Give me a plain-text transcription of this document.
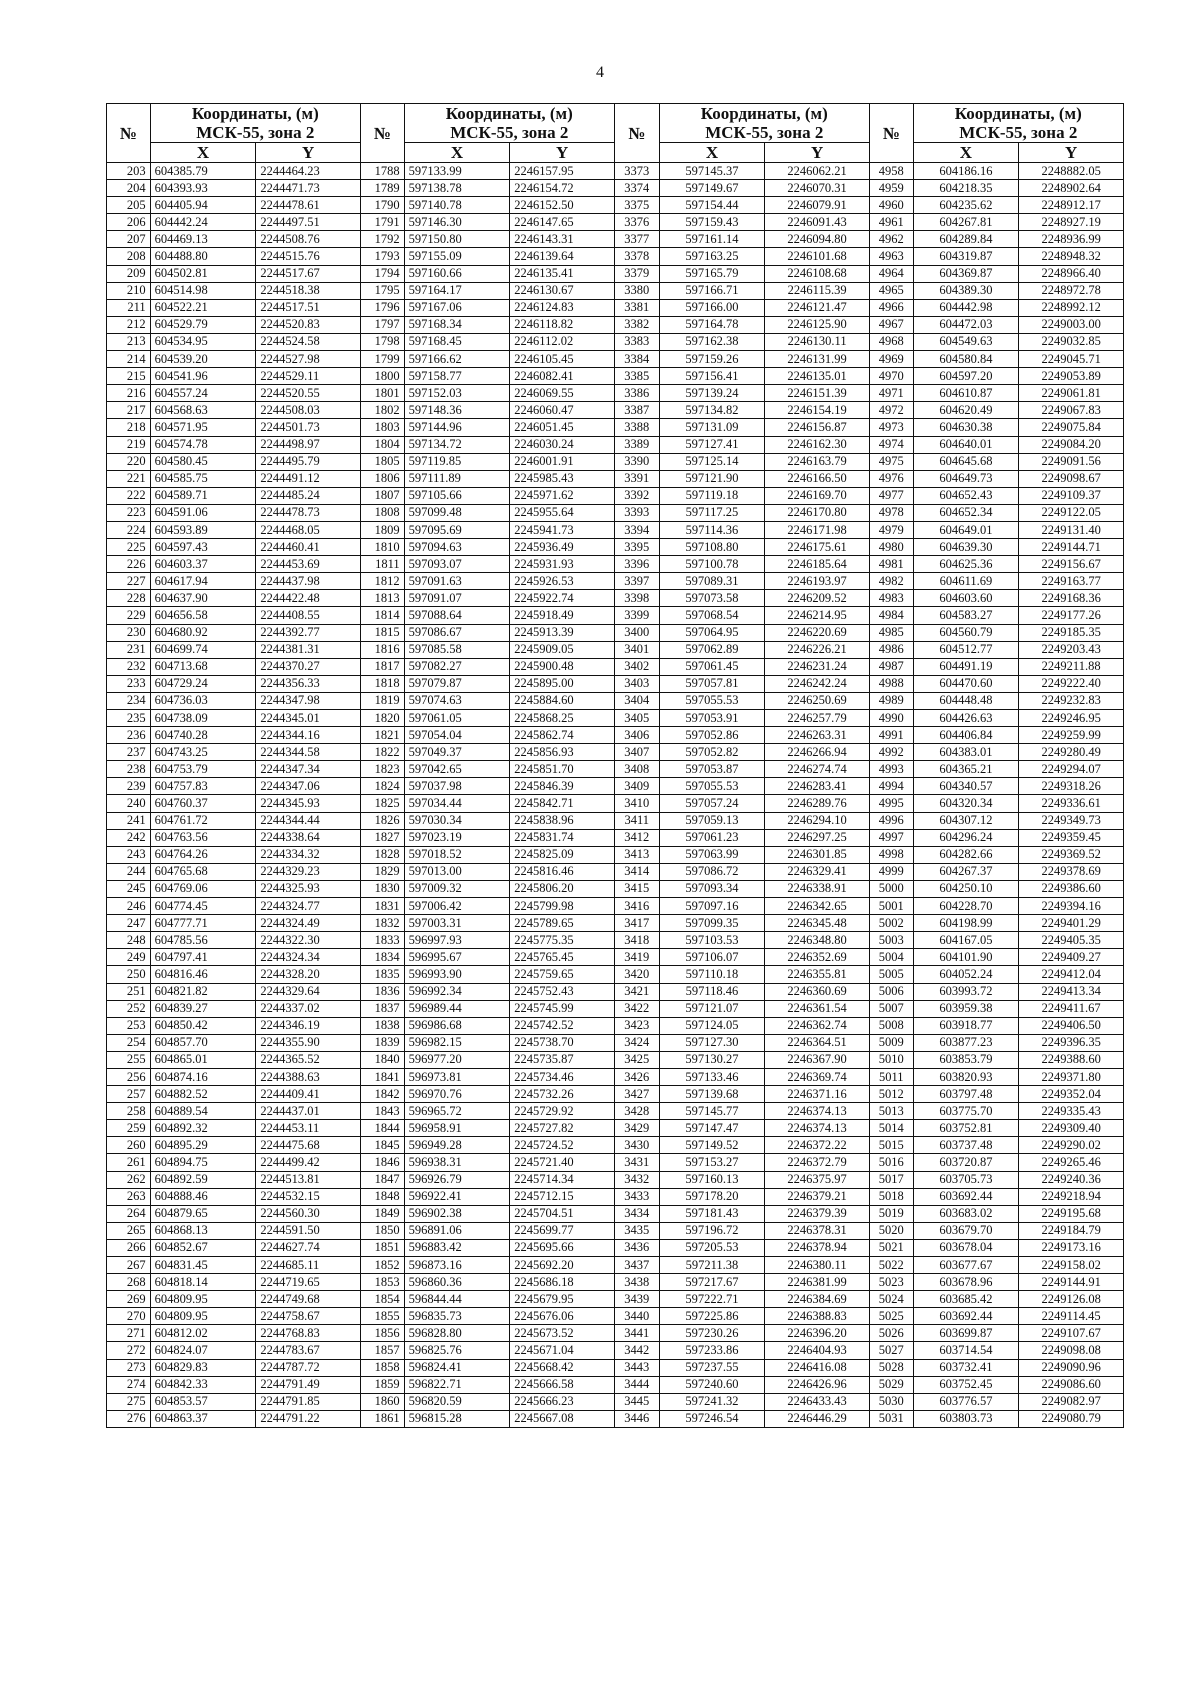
4
№	Координаты, (м)
МСК-55, зона 2		№	Координаты, (м)
МСК-55, зона 2		№	Координаты, (м)
МСК-55, зона 2		№	Координаты, (м)
МСК-55, зона 2	
	X	Y		X	Y		X	Y		X	Y
203	604385.79	2244464.23	1788	597133.99	2246157.95	3373	597145.37	2246062.21	4958	604186.16	2248882.05
204	604393.93	2244471.73	1789	597138.78	2246154.72	3374	597149.67	2246070.31	4959	604218.35	2248902.64
205	604405.94	2244478.61	1790	597140.78	2246152.50	3375	597154.44	2246079.91	4960	604235.62	2248912.17
206	604442.24	2244497.51	1791	597146.30	2246147.65	3376	597159.43	2246091.43	4961	604267.81	2248927.19
207	604469.13	2244508.76	1792	597150.80	2246143.31	3377	597161.14	2246094.80	4962	604289.84	2248936.99
208	604488.80	2244515.76	1793	597155.09	2246139.64	3378	597163.25	2246101.68	4963	604319.87	2248948.32
209	604502.81	2244517.67	1794	597160.66	2246135.41	3379	597165.79	2246108.68	4964	604369.87	2248966.40
210	604514.98	2244518.38	1795	597164.17	2246130.67	3380	597166.71	2246115.39	4965	604389.30	2248972.78
211	604522.21	2244517.51	1796	597167.06	2246124.83	3381	597166.00	2246121.47	4966	604442.98	2248992.12
212	604529.79	2244520.83	1797	597168.34	2246118.82	3382	597164.78	2246125.90	4967	604472.03	2249003.00
213	604534.95	2244524.58	1798	597168.45	2246112.02	3383	597162.38	2246130.11	4968	604549.63	2249032.85
214	604539.20	2244527.98	1799	597166.62	2246105.45	3384	597159.26	2246131.99	4969	604580.84	2249045.71
215	604541.96	2244529.11	1800	597158.77	2246082.41	3385	597156.41	2246135.01	4970	604597.20	2249053.89
216	604557.24	2244520.55	1801	597152.03	2246069.55	3386	597139.24	2246151.39	4971	604610.87	2249061.81
217	604568.63	2244508.03	1802	597148.36	2246060.47	3387	597134.82	2246154.19	4972	604620.49	2249067.83
218	604571.95	2244501.73	1803	597144.96	2246051.45	3388	597131.09	2246156.87	4973	604630.38	2249075.84
219	604574.78	2244498.97	1804	597134.72	2246030.24	3389	597127.41	2246162.30	4974	604640.01	2249084.20
220	604580.45	2244495.79	1805	597119.85	2246001.91	3390	597125.14	2246163.79	4975	604645.68	2249091.56
221	604585.75	2244491.12	1806	597111.89	2245985.43	3391	597121.90	2246166.50	4976	604649.73	2249098.67
222	604589.71	2244485.24	1807	597105.66	2245971.62	3392	597119.18	2246169.70	4977	604652.43	2249109.37
223	604591.06	2244478.73	1808	597099.48	2245955.64	3393	597117.25	2246170.80	4978	604652.34	2249122.05
224	604593.89	2244468.05	1809	597095.69	2245941.73	3394	597114.36	2246171.98	4979	604649.01	2249131.40
225	604597.43	2244460.41	1810	597094.63	2245936.49	3395	597108.80	2246175.61	4980	604639.30	2249144.71
226	604603.37	2244453.69	1811	597093.07	2245931.93	3396	597100.78	2246185.64	4981	604625.36	2249156.67
227	604617.94	2244437.98	1812	597091.63	2245926.53	3397	597089.31	2246193.97	4982	604611.69	2249163.77
228	604637.90	2244422.48	1813	597091.07	2245922.74	3398	597073.58	2246209.52	4983	604603.60	2249168.36
229	604656.58	2244408.55	1814	597088.64	2245918.49	3399	597068.54	2246214.95	4984	604583.27	2249177.26
230	604680.92	2244392.77	1815	597086.67	2245913.39	3400	597064.95	2246220.69	4985	604560.79	2249185.35
231	604699.74	2244381.31	1816	597085.58	2245909.05	3401	597062.89	2246226.21	4986	604512.77	2249203.43
232	604713.68	2244370.27	1817	597082.27	2245900.48	3402	597061.45	2246231.24	4987	604491.19	2249211.88
233	604729.24	2244356.33	1818	597079.87	2245895.00	3403	597057.81	2246242.24	4988	604470.60	2249222.40
234	604736.03	2244347.98	1819	597074.63	2245884.60	3404	597055.53	2246250.69	4989	604448.48	2249232.83
235	604738.09	2244345.01	1820	597061.05	2245868.25	3405	597053.91	2246257.79	4990	604426.63	2249246.95
236	604740.28	2244344.16	1821	597054.04	2245862.74	3406	597052.86	2246263.31	4991	604406.84	2249259.99
237	604743.25	2244344.58	1822	597049.37	2245856.93	3407	597052.82	2246266.94	4992	604383.01	2249280.49
238	604753.79	2244347.34	1823	597042.65	2245851.70	3408	597053.87	2246274.74	4993	604365.21	2249294.07
239	604757.83	2244347.06	1824	597037.98	2245846.39	3409	597055.53	2246283.41	4994	604340.57	2249318.26
240	604760.37	2244345.93	1825	597034.44	2245842.71	3410	597057.24	2246289.76	4995	604320.34	2249336.61
241	604761.72	2244344.44	1826	597030.34	2245838.96	3411	597059.13	2246294.10	4996	604307.12	2249349.73
242	604763.56	2244338.64	1827	597023.19	2245831.74	3412	597061.23	2246297.25	4997	604296.24	2249359.45
243	604764.26	2244334.32	1828	597018.52	2245825.09	3413	597063.99	2246301.85	4998	604282.66	2249369.52
244	604765.68	2244329.23	1829	597013.00	2245816.46	3414	597086.72	2246329.41	4999	604267.37	2249378.69
245	604769.06	2244325.93	1830	597009.32	2245806.20	3415	597093.34	2246338.91	5000	604250.10	2249386.60
246	604774.45	2244324.77	1831	597006.42	2245799.98	3416	597097.16	2246342.65	5001	604228.70	2249394.16
247	604777.71	2244324.49	1832	597003.31	2245789.65	3417	597099.35	2246345.48	5002	604198.99	2249401.29
248	604785.56	2244322.30	1833	596997.93	2245775.35	3418	597103.53	2246348.80	5003	604167.05	2249405.35
249	604797.41	2244324.34	1834	596995.67	2245765.45	3419	597106.07	2246352.69	5004	604101.90	2249409.27
250	604816.46	2244328.20	1835	596993.90	2245759.65	3420	597110.18	2246355.81	5005	604052.24	2249412.04
251	604821.82	2244329.64	1836	596992.34	2245752.43	3421	597118.46	2246360.69	5006	603993.72	2249413.34
252	604839.27	2244337.02	1837	596989.44	2245745.99	3422	597121.07	2246361.54	5007	603959.38	2249411.67
253	604850.42	2244346.19	1838	596986.68	2245742.52	3423	597124.05	2246362.74	5008	603918.77	2249406.50
254	604857.70	2244355.90	1839	596982.15	2245738.70	3424	597127.30	2246364.51	5009	603877.23	2249396.35
255	604865.01	2244365.52	1840	596977.20	2245735.87	3425	597130.27	2246367.90	5010	603853.79	2249388.60
256	604874.16	2244388.63	1841	596973.81	2245734.46	3426	597133.46	2246369.74	5011	603820.93	2249371.80
257	604882.52	2244409.41	1842	596970.76	2245732.26	3427	597139.68	2246371.16	5012	603797.48	2249352.04
258	604889.54	2244437.01	1843	596965.72	2245729.92	3428	597145.77	2246374.13	5013	603775.70	2249335.43
259	604892.32	2244453.11	1844	596958.91	2245727.82	3429	597147.47	2246374.13	5014	603752.81	2249309.40
260	604895.29	2244475.68	1845	596949.28	2245724.52	3430	597149.52	2246372.22	5015	603737.48	2249290.02
261	604894.75	2244499.42	1846	596938.31	2245721.40	3431	597153.27	2246372.79	5016	603720.87	2249265.46
262	604892.59	2244513.81	1847	596926.79	2245714.34	3432	597160.13	2246375.97	5017	603705.73	2249240.36
263	604888.46	2244532.15	1848	596922.41	2245712.15	3433	597178.20	2246379.21	5018	603692.44	2249218.94
264	604879.65	2244560.30	1849	596902.38	2245704.51	3434	597181.43	2246379.39	5019	603683.02	2249195.68
265	604868.13	2244591.50	1850	596891.06	2245699.77	3435	597196.72	2246378.31	5020	603679.70	2249184.79
266	604852.67	2244627.74	1851	596883.42	2245695.66	3436	597205.53	2246378.94	5021	603678.04	2249173.16
267	604831.45	2244685.11	1852	596873.16	2245692.20	3437	597211.38	2246380.11	5022	603677.67	2249158.02
268	604818.14	2244719.65	1853	596860.36	2245686.18	3438	597217.67	2246381.99	5023	603678.96	2249144.91
269	604809.95	2244749.68	1854	596844.44	2245679.95	3439	597222.71	2246384.69	5024	603685.42	2249126.08
270	604809.95	2244758.67	1855	596835.73	2245676.06	3440	597225.86	2246388.83	5025	603692.44	2249114.45
271	604812.02	2244768.83	1856	596828.80	2245673.52	3441	597230.26	2246396.20	5026	603699.87	2249107.67
272	604824.07	2244783.67	1857	596825.76	2245671.04	3442	597233.86	2246404.93	5027	603714.54	2249098.08
273	604829.83	2244787.72	1858	596824.41	2245668.42	3443	597237.55	2246416.08	5028	603732.41	2249090.96
274	604842.33	2244791.49	1859	596822.71	2245666.58	3444	597240.60	2246426.96	5029	603752.45	2249086.60
275	604853.57	2244791.85	1860	596820.59	2245666.23	3445	597241.32	2246433.43	5030	603776.57	2249082.97
276	604863.37	2244791.22	1861	596815.28	2245667.08	3446	597246.54	2246446.29	5031	603803.73	2249080.79
